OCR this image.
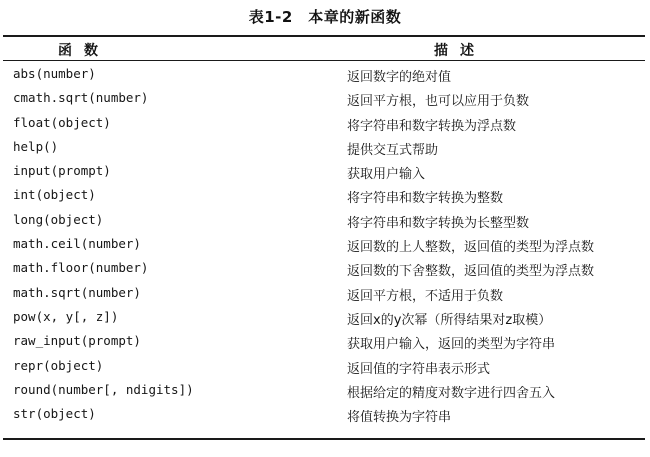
表1-2　本章的新函数
函数	描述
abs(number)	返回数字的绝对值
cmath.sqrt(number)	返回平方根，也可以应用于负数
float(object)	将字符串和数字转换为浮点数
help()	提供交互式帮助
input(prompt)	获取用户输入
int(object)	将字符串和数字转换为整数
long(object)	将字符串和数字转换为长整型数
math.ceil(number)	返回数的上人整数，返回值的类型为浮点数
math.floor(number)	返回数的下舍整数，返回值的类型为浮点数
math.sqrt(number)	返回平方根，不适用于负数
pow(x, y[, z])	返回x的y次幂（所得结果对z取模）
raw_input(prompt)	获取用户输入，返回的类型为字符串
repr(object)	返回值的字符串表示形式
round(number[, ndigits])	根据给定的精度对数字进行四舍五入
str(object)	将值转换为字符串
